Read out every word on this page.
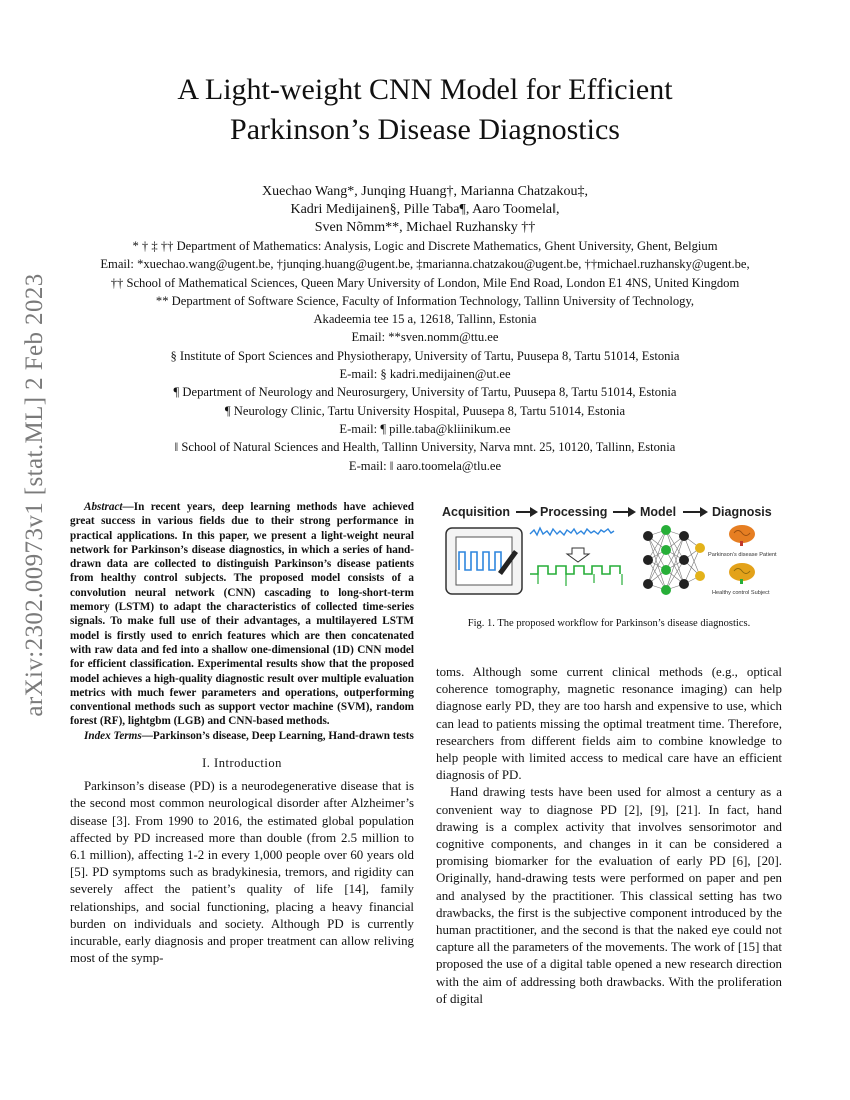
arXiv:2302.00973v1 [stat.ML] 2 Feb 2023
A Light-weight CNN Model for Efficient
Parkinson’s Disease Diagnostics
Xuechao Wang*, Junqing Huang†, Marianna Chatzakou‡,
Kadri Medijainen§, Pille Taba¶, Aaro Toomela‖,
Sven Nõmm**, Michael Ruzhansky ††
* † ‡ †† Department of Mathematics: Analysis, Logic and Discrete Mathematics, Ghent University, Ghent, Belgium
Email: *xuechao.wang@ugent.be, †junqing.huang@ugent.be, ‡marianna.chatzakou@ugent.be, ††michael.ruzhansky@ugent.be,
†† School of Mathematical Sciences, Queen Mary University of London, Mile End Road, London E1 4NS, United Kingdom
** Department of Software Science, Faculty of Information Technology, Tallinn University of Technology,
Akadeemia tee 15 a, 12618, Tallinn, Estonia
Email: **sven.nomm@ttu.ee
§ Institute of Sport Sciences and Physiotherapy, University of Tartu, Puusepa 8, Tartu 51014, Estonia
E-mail: § kadri.medijainen@ut.ee
¶ Department of Neurology and Neurosurgery, University of Tartu, Puusepa 8, Tartu 51014, Estonia
¶ Neurology Clinic, Tartu University Hospital, Puusepa 8, Tartu 51014, Estonia
E-mail: ¶ pille.taba@kliinikum.ee
‖ School of Natural Sciences and Health, Tallinn University, Narva mnt. 25, 10120, Tallinn, Estonia
E-mail: ‖ aaro.toomela@tlu.ee

Abstract—In recent years, deep learning methods have achieved great success in various fields due to their strong performance in practical applications. In this paper, we present a light-weight neural network for Parkinson’s disease diagnostics, in which a series of hand-drawn data are collected to distinguish Parkinson’s disease patients from healthy control subjects. The proposed model consists of a convolution neural network (CNN) cascading to long-short-term memory (LSTM) to adapt the characteristics of collected time-series signals. To make full use of their advantages, a multilayered LSTM model is firstly used to enrich features which are then concatenated with raw data and fed into a shallow one-dimensional (1D) CNN model for efficient classification. Experimental results show that the proposed model achieves a high-quality diagnostic result over multiple evaluation metrics with much fewer parameters and operations, outperforming conventional methods such as support vector machine (SVM), random forest (RF), lightgbm (LGB) and CNN-based methods.

Index Terms—Parkinson’s disease, Deep Learning, Hand-drawn tests

I. Introduction

Parkinson’s disease (PD) is a neurodegenerative disease that is the second most common neurological disorder after Alzheimer’s disease [3]. From 1990 to 2016, the estimated global population affected by PD increased more than double (from 2.5 million to 6.1 million), affecting 1-2 in every 1,000 people over 60 years old [5]. PD symptoms such as bradykinesia, tremors, and rigidity can severely affect the patient’s quality of life [14], family relationships, and social functioning, placing a heavy financial burden on individuals and society. Although PD is currently incurable, early diagnosis and proper treatment can allow reliving most of the symp-

Acquisition Processing	Model	Diagnosis
Parkinson’s disease Patient
Healthy control Subject
Fig. 1. The proposed workflow for Parkinson’s disease diagnostics.

toms. Although some current clinical methods (e.g., optical coherence tomography, magnetic resonance imaging) can help diagnose early PD, they are too harsh and expensive to use, which can lead to patients missing the optimal treatment time. Therefore, researchers from different fields aim to combine knowledge to help people with limited access to medical care have an efficient diagnosis of PD.

Hand drawing tests have been used for almost a century as a convenient way to diagnose PD [2], [9], [21]. In fact, hand drawing is a complex activity that involves sensorimotor and cognitive components, and changes in it can be considered a promising biomarker for the evaluation of early PD [6], [20]. Originally, hand-drawing tests were performed on paper and pen and analysed by the practitioner. This classical setting has two drawbacks, the first is the subjective component introduced by the human practitioner, and the second is that the naked eye could not capture all the parameters of the movements. The work of [15] that proposed the use of a digital table opened a new research direction with the aim of addressing both drawbacks. With the proliferation of digital
